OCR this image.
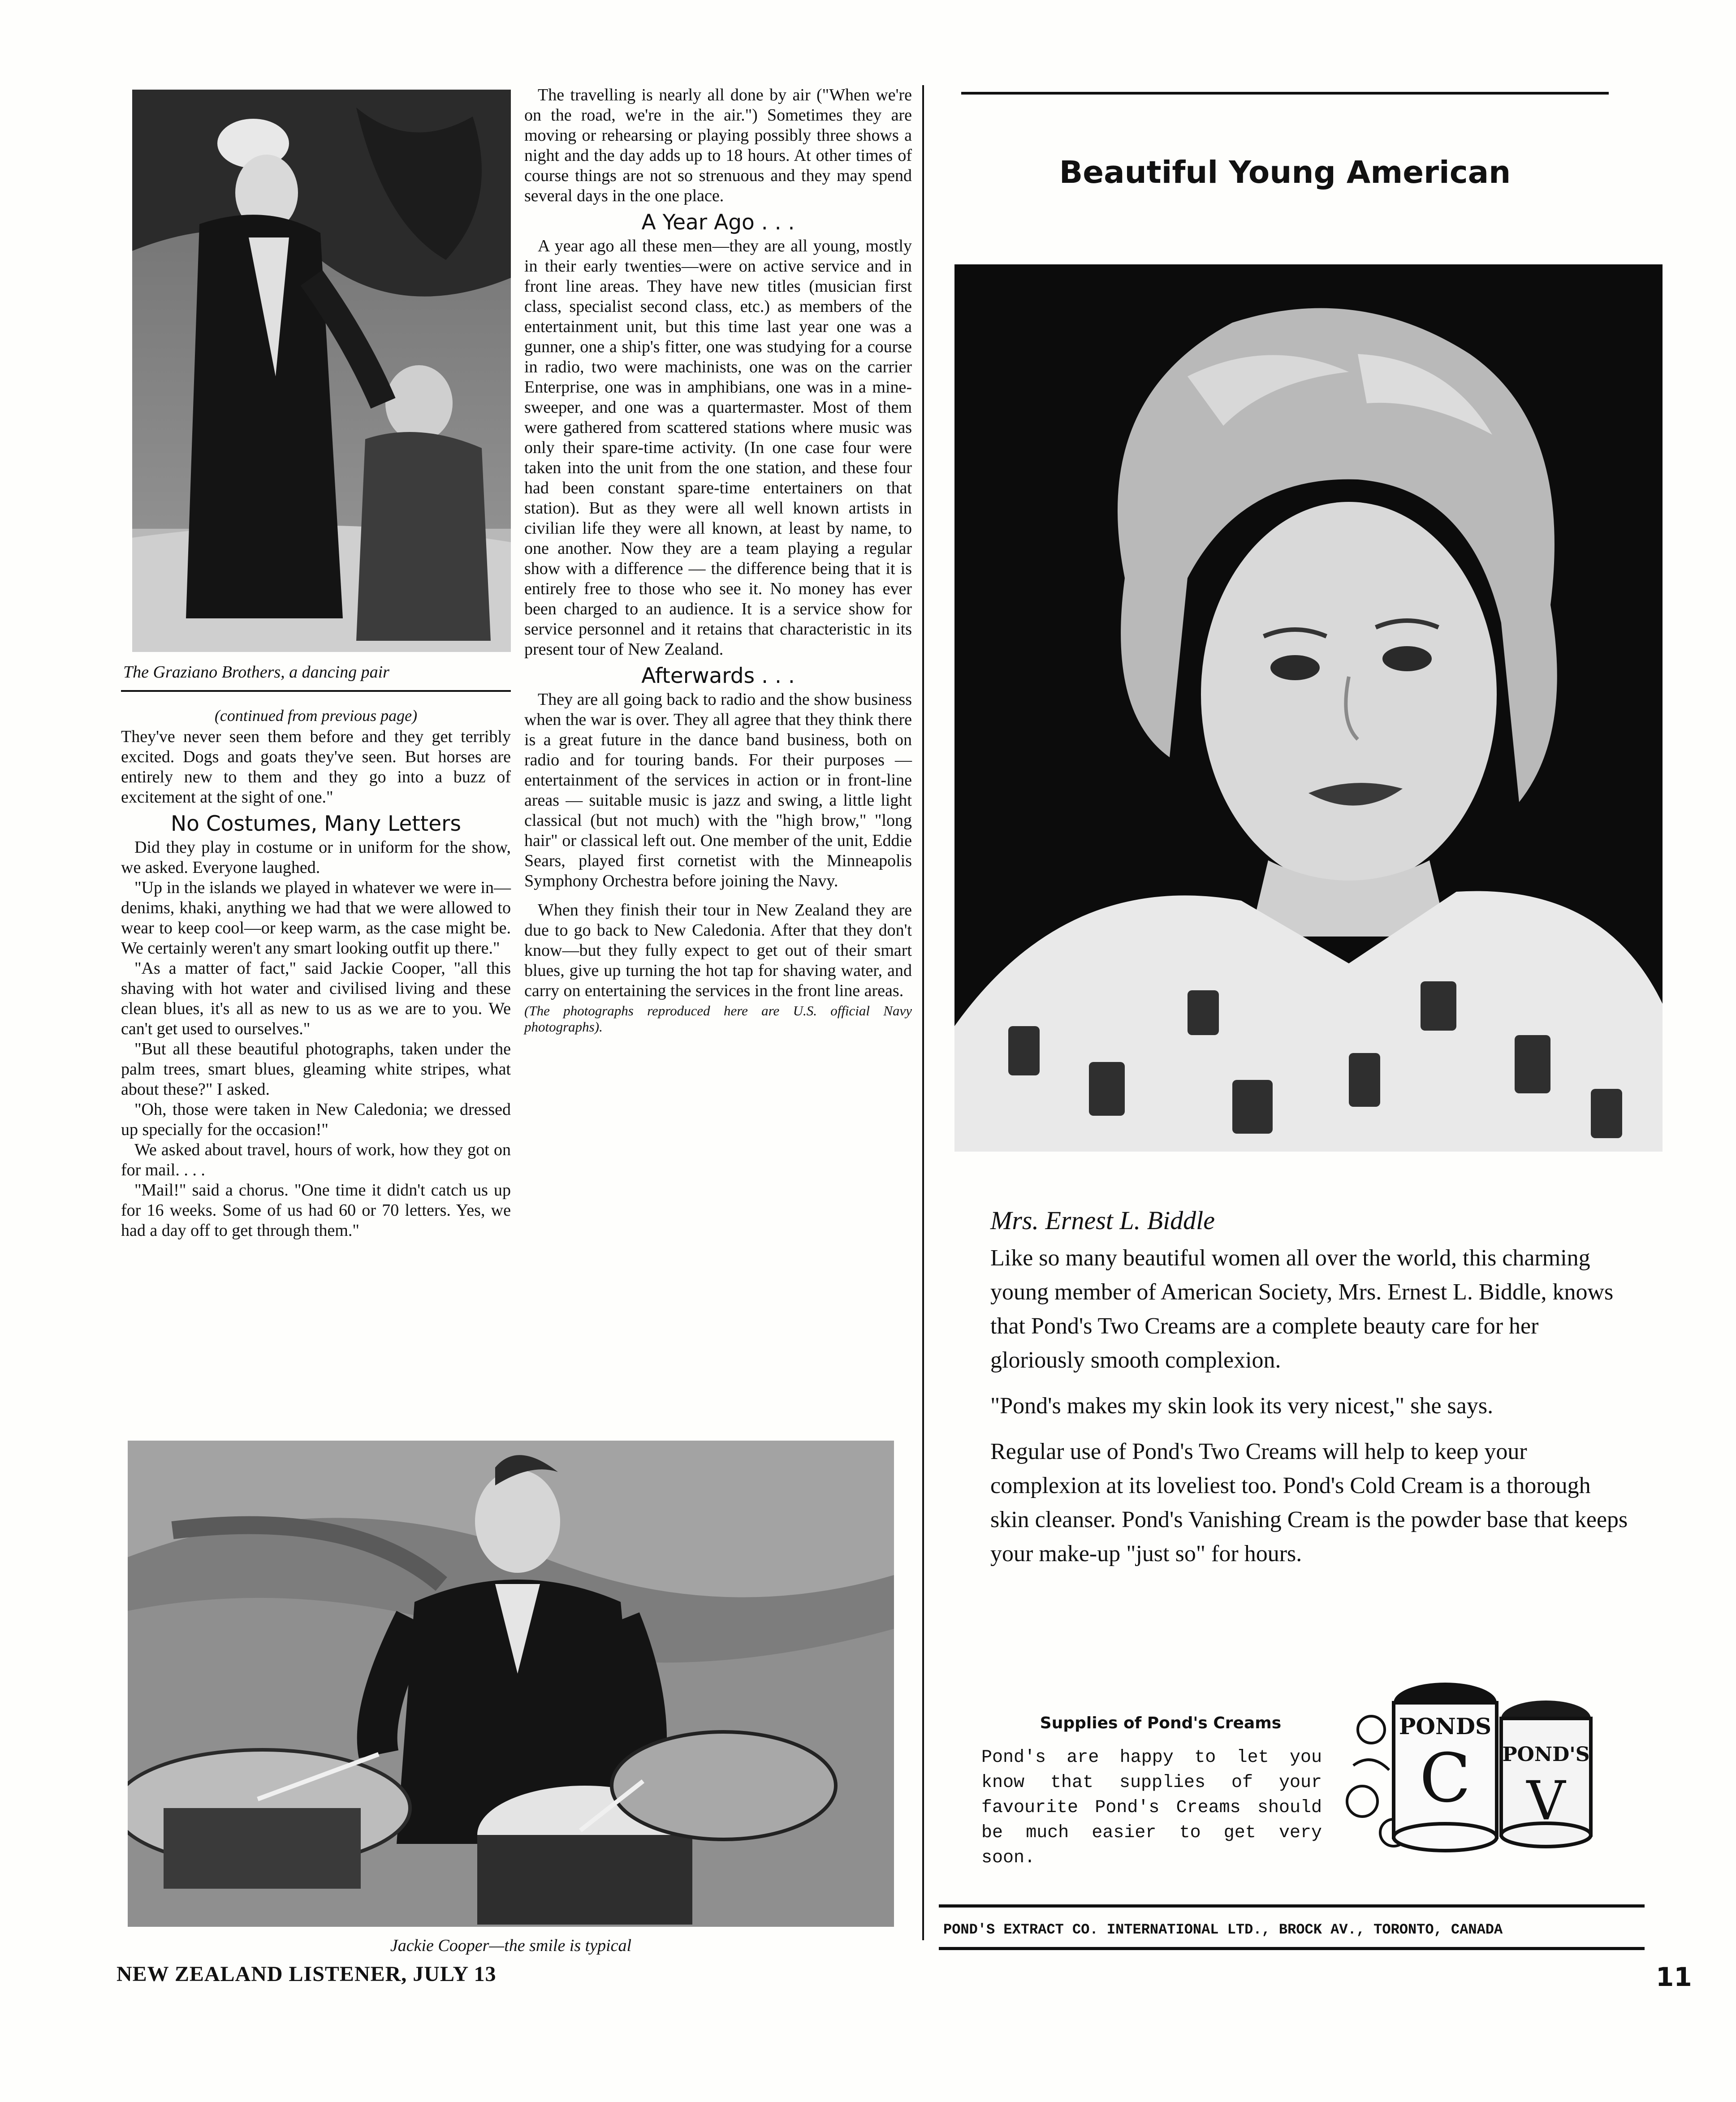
The Graziano Brothers, a dancing pair
(continued from previous page)

They've never seen them before and they get terribly excited. Dogs and goats they've seen. But horses are entirely new to them and they go into a buzz of excitement at the sight of one."

No Costumes, Many Letters

Did they play in costume or in uniform for the show, we asked. Everyone laughed.

"Up in the islands we played in whatever we were in—denims, khaki, anything we had that we were allowed to wear to keep cool—or keep warm, as the case might be. We certainly weren't any smart looking outfit up there."

"As a matter of fact," said Jackie Cooper, "all this shaving with hot water and civilised living and these clean blues, it's all as new to us as we are to you. We can't get used to ourselves."

"But all these beautiful photographs, taken under the palm trees, smart blues, gleaming white stripes, what about these?" I asked.

"Oh, those were taken in New Caledonia; we dressed up specially for the occasion!"

We asked about travel, hours of work, how they got on for mail. . . .

"Mail!" said a chorus. "One time it didn't catch us up for 16 weeks. Some of us had 60 or 70 letters. Yes, we had a day off to get through them."

The travelling is nearly all done by air ("When we're on the road, we're in the air.") Sometimes they are moving or rehearsing or playing possibly three shows a night and the day adds up to 18 hours. At other times of course things are not so strenuous and they may spend several days in the one place.

A Year Ago . . .

A year ago all these men—they are all young, mostly in their early twenties—were on active service and in front line areas. They have new titles (musician first class, specialist second class, etc.) as members of the entertainment unit, but this time last year one was a gunner, one a ship's fitter, one was studying for a course in radio, two were machinists, one was on the carrier Enterprise, one was in amphibians, one was in a mine-sweeper, and one was a quartermaster. Most of them were gathered from scattered stations where music was only their spare-time activity. (In one case four were taken into the unit from the one station, and these four had been constant spare-time entertainers on that station). But as they were all well known artists in civilian life they were all known, at least by name, to one another. Now they are a team playing a regular show with a difference — the difference being that it is entirely free to those who see it. No money has ever been charged to an audience. It is a service show for service personnel and it retains that characteristic in its present tour of New Zealand.

Afterwards . . .

They are all going back to radio and the show business when the war is over. They all agree that they think there is a great future in the dance band business, both on radio and for touring bands. For their purposes — entertainment of the services in action or in front-line areas — suitable music is jazz and swing, a little light classical (but not much) with the "high brow," "long hair" or classical left out. One member of the unit, Eddie Sears, played first cornetist with the Minneapolis Symphony Orchestra before joining the Navy.

When they finish their tour in New Zealand they are due to go back to New Caledonia. After that they don't know—but they fully expect to get out of their smart blues, give up turning the hot tap for shaving water, and carry on entertaining the services in the front line areas.

(The photographs reproduced here are U.S. official Navy photographs).
Jackie Cooper—the smile is typical
NEW ZEALAND LISTENER, JULY 13
Beautiful Young American
Mrs. Ernest L. Biddle

Like so many beautiful women all over the world, this charming young member of American Society, Mrs. Ernest L. Biddle, knows that Pond's Two Creams are a complete beauty care for her gloriously smooth complexion.

"Pond's makes my skin look its very nicest," she says.

Regular use of Pond's Two Creams will help to keep your complexion at its loveliest too. Pond's Cold Cream is a thorough skin cleanser. Pond's Vanishing Cream is the powder base that keeps your make-up "just so" for hours.

Supplies of Pond's Creams
Pond's are happy to let you know that supplies of your favourite Pond's Creams should be much easier to get very soon.
PONDS
C POND'S
V
POND'S EXTRACT CO. INTERNATIONAL LTD., BROCK AV., TORONTO, CANADA
11
